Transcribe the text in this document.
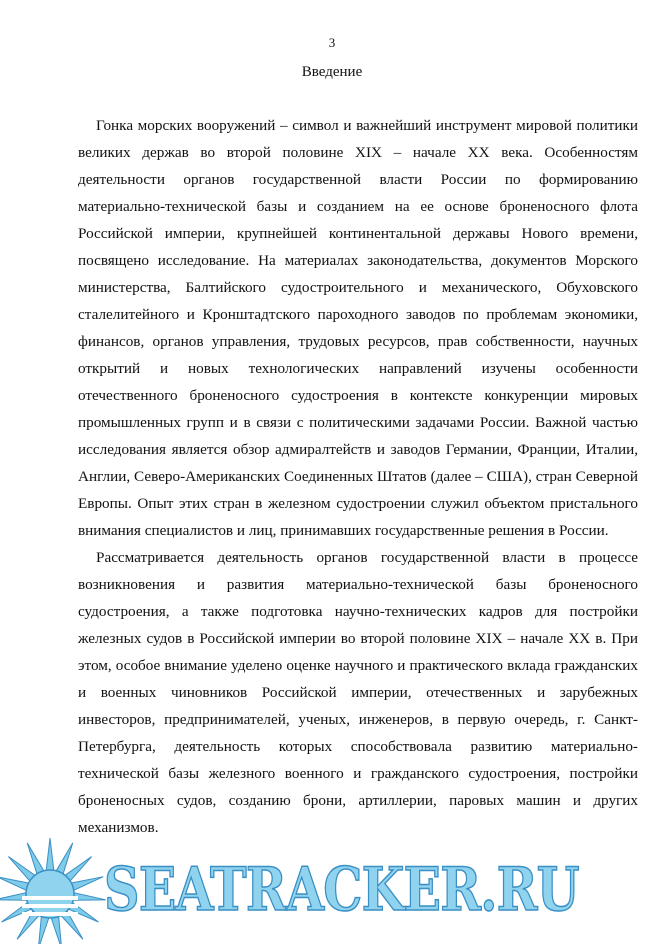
3
Введение

Гонка морских вооружений – символ и важнейший инструмент мировой политики великих держав во второй половине XIX – начале XX века. Особенностям деятельности органов государственной власти России по формированию материально-технической базы и созданием на ее основе броненосного флота Российской империи, крупнейшей континентальной державы Нового времени, посвящено исследование. На материалах законодательства, документов Морского министерства, Балтийского судостроительного и механического, Обуховского сталелитейного и Кронштадтского пароходного заводов по проблемам экономики, финансов, органов управления, трудовых ресурсов, прав собственности, научных открытий и новых технологических направлений изучены особенности отечественного броненосного судостроения в контексте конкуренции мировых промышленных групп и в связи с политическими задачами России. Важной частью исследования является обзор адмиралтейств и заводов Германии, Франции, Италии, Англии, Северо-Американских Соединенных Штатов (далее – США), стран Северной Европы. Опыт этих стран в железном судостроении служил объектом пристального внимания специалистов и лиц, принимавших государственные решения в России.

Рассматривается деятельность органов государственной власти в процессе возникновения и развития материально-технической базы броненосного судостроения, а также подготовка научно-технических кадров для постройки железных судов в Российской империи во второй половине XIX – начале XX в. При этом, особое внимание уделено оценке научного и практического вклада гражданских и военных чиновников Российской империи, отечественных и зарубежных инвесторов, предпринимателей, ученых, инженеров, в первую очередь, г. Санкт-Петербурга, деятельность которых способствовала развитию материально-технической базы железного военного и гражданского судостроения, постройки броненосных судов, созданию брони, артиллерии, паровых машин и других механизмов.

SEATRACKER.RU
